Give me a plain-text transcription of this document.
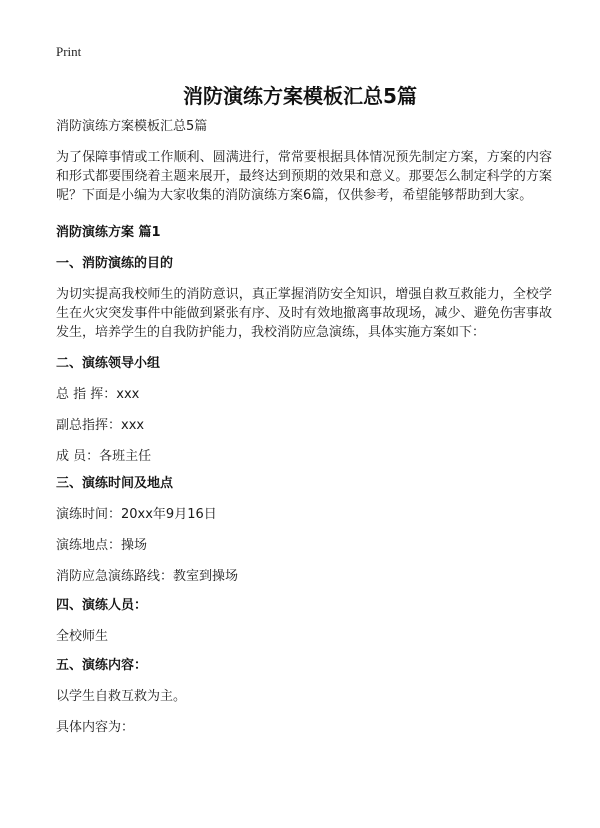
Print
消防演练方案模板汇总5篇

消防演练方案模板汇总5篇

为了保障事情或工作顺利、圆满进行，常常要根据具体情况预先制定方案，方案的内容和形式都要围绕着主题来展开，最终达到预期的效果和意义。那要怎么制定科学的方案呢？下面是小编为大家收集的消防演练方案6篇，仅供参考，希望能够帮助到大家。

消防演练方案 篇1

一、消防演练的目的

为切实提高我校师生的消防意识，真正掌握消防安全知识，增强自救互救能力，全校学生在火灾突发事件中能做到紧张有序、及时有效地撤离事故现场，减少、避免伤害事故发生，培养学生的自我防护能力，我校消防应急演练，具体实施方案如下：

二、演练领导小组

总 指 挥：xxx

副总指挥：xxx

成 员：各班主任

三、演练时间及地点

演练时间：20xx年9月16日

演练地点：操场

消防应急演练路线：教室到操场

四、演练人员：

全校师生

五、演练内容：

以学生自救互救为主。

具体内容为：
